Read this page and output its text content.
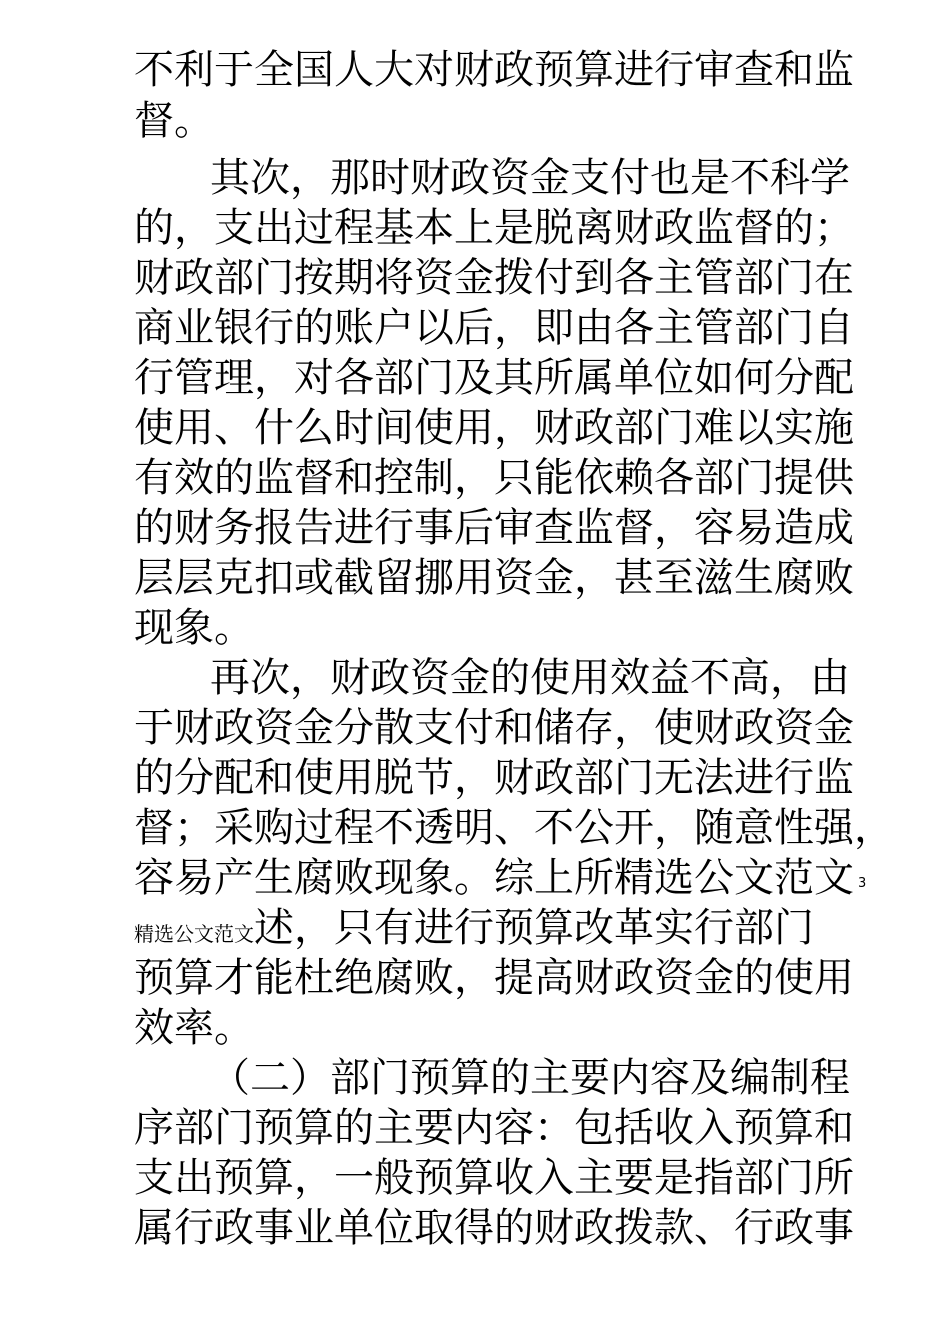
不利于全国人大对财政预算进行审查和监
督。
其次，那时财政资金支付也是不科学
的，支出过程基本上是脱离财政监督的；
财政部门按期将资金拨付到各主管部门在
商业银行的账户以后，即由各主管部门自
行管理，对各部门及其所属单位如何分配
使用、什么时间使用，财政部门难以实施
有效的监督和控制，只能依赖各部门提供
的财务报告进行事后审查监督，容易造成
层层克扣或截留挪用资金，甚至滋生腐败
现象。
再次，财政资金的使用效益不高，由
于财政资金分散支付和储存，使财政资金
的分配和使用脱节，财政部门无法进行监
督；采购过程不透明、不公开，随意性强，
容易产生腐败现象。综上所精选公文范文 $^3$
精选公文范文述，只有进行预算改革实行部门
预算才能杜绝腐败，提高财政资金的使用
效率。
（二）部门预算的主要内容及编制程
序部门预算的主要内容：包括收入预算和
支出预算，一般预算收入主要是指部门所
属行政事业单位取得的财政拨款、行政事
